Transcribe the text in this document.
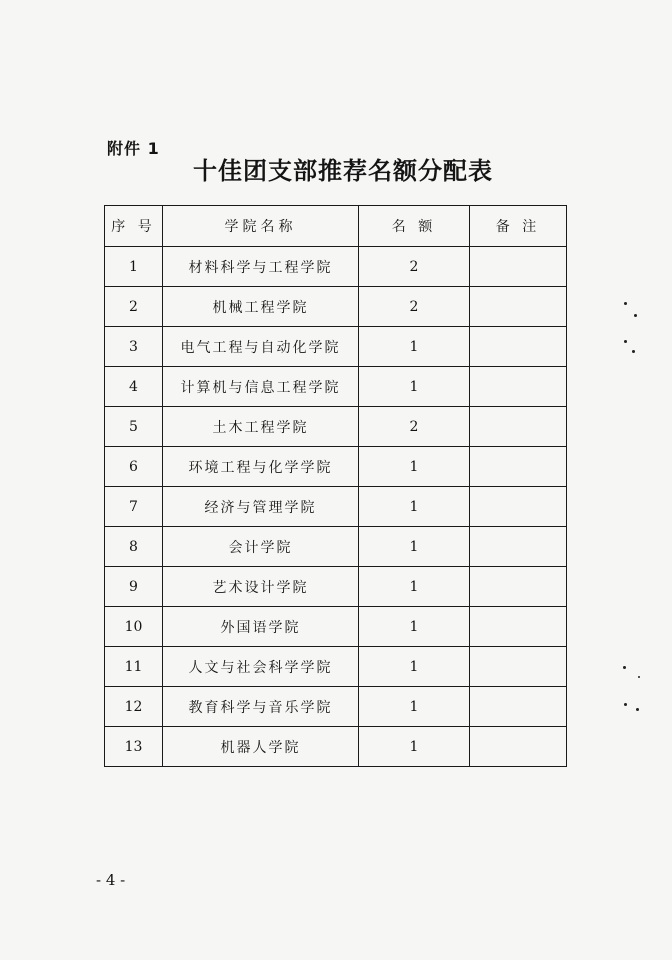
附件 1
十佳团支部推荐名额分配表
序 号	学院名称	名 额	备 注
1	材料科学与工程学院	2	
2	机械工程学院	2	
3	电气工程与自动化学院	1	
4	计算机与信息工程学院	1	
5	土木工程学院	2	
6	环境工程与化学学院	1	
7	经济与管理学院	1	
8	会计学院	1	
9	艺术设计学院	1	
10	外国语学院	1	
11	人文与社会科学学院	1	
12	教育科学与音乐学院	1	
13	机器人学院	1	
- 4 -
